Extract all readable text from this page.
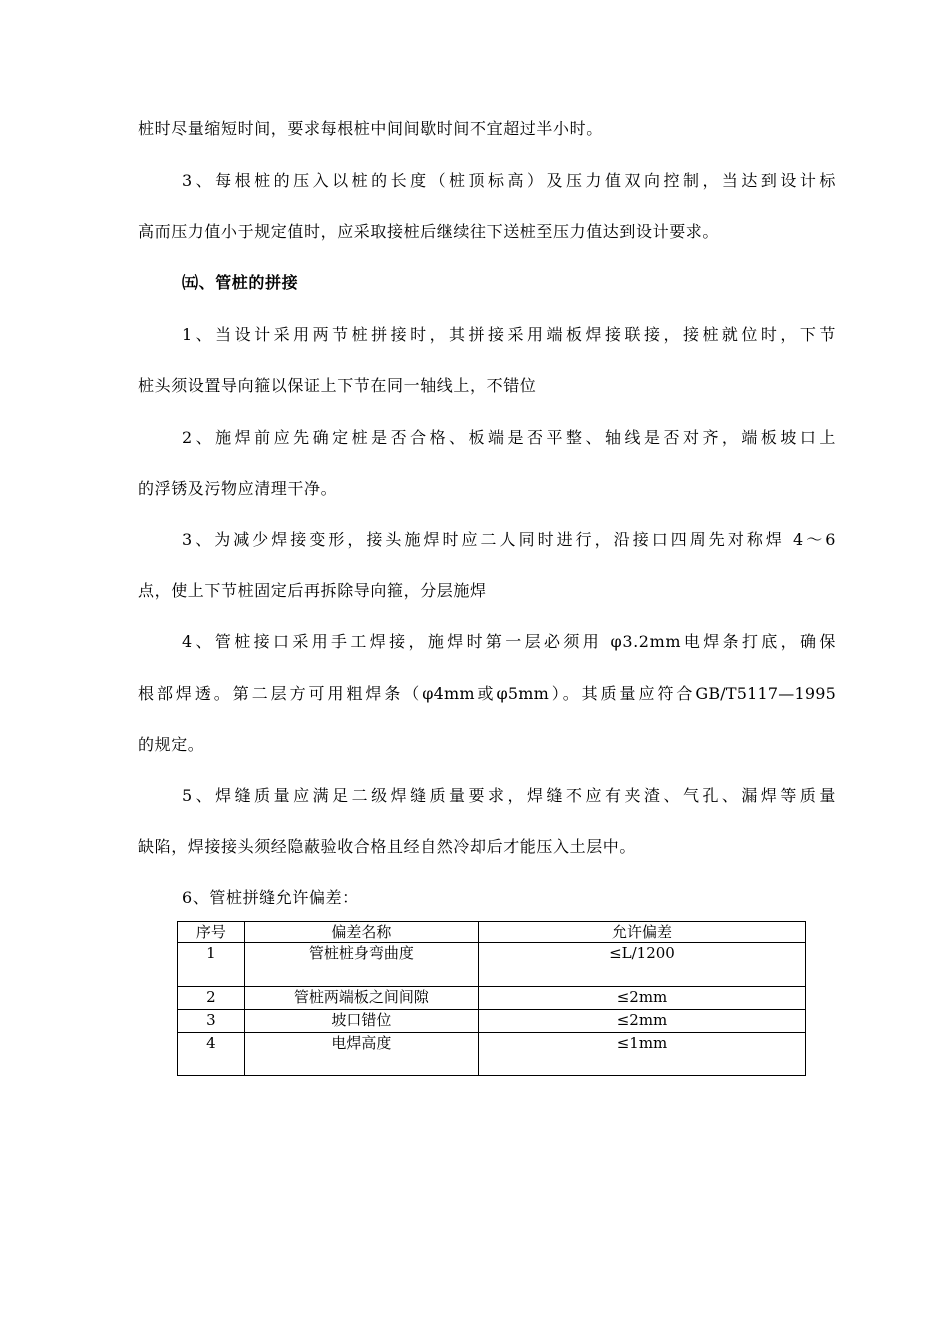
桩时尽量缩短时间，要求每根桩中间间歇时间不宜超过半小时。
3、每根桩的压入以桩的长度（桩顶标高）及压力值双向控制，当达到设计标
高而压力值小于规定值时，应采取接桩后继续往下送桩至压力值达到设计要求。
㈤、管桩的拼接
1、当设计采用两节桩拼接时，其拼接采用端板焊接联接，接桩就位时，下节
桩头须设置导向箍以保证上下节在同一轴线上，不错位
2、施焊前应先确定桩是否合格、板端是否平整、轴线是否对齐，端板坡口上
的浮锈及污物应清理干净。
3、为减少焊接变形，接头施焊时应二人同时进行，沿接口四周先对称焊 4～6
点，使上下节桩固定后再拆除导向箍，分层施焊
4、管桩接口采用手工焊接，施焊时第一层必须用 φ3.2mm电焊条打底，确保
根部焊透。第二层方可用粗焊条（φ4mm或φ5mm）。其质量应符合GB/T5117—1995
的规定。
5、焊缝质量应满足二级焊缝质量要求，焊缝不应有夹渣、气孔、漏焊等质量
缺陷，焊接接头须经隐蔽验收合格且经自然冷却后才能压入土层中。
6、管桩拼缝允许偏差：
序号	偏差名称	允许偏差
1	管桩桩身弯曲度	≤L/1200
2	管桩两端板之间间隙	≤2mm
3	坡口错位	≤2mm
4	电焊高度	≤1mm
